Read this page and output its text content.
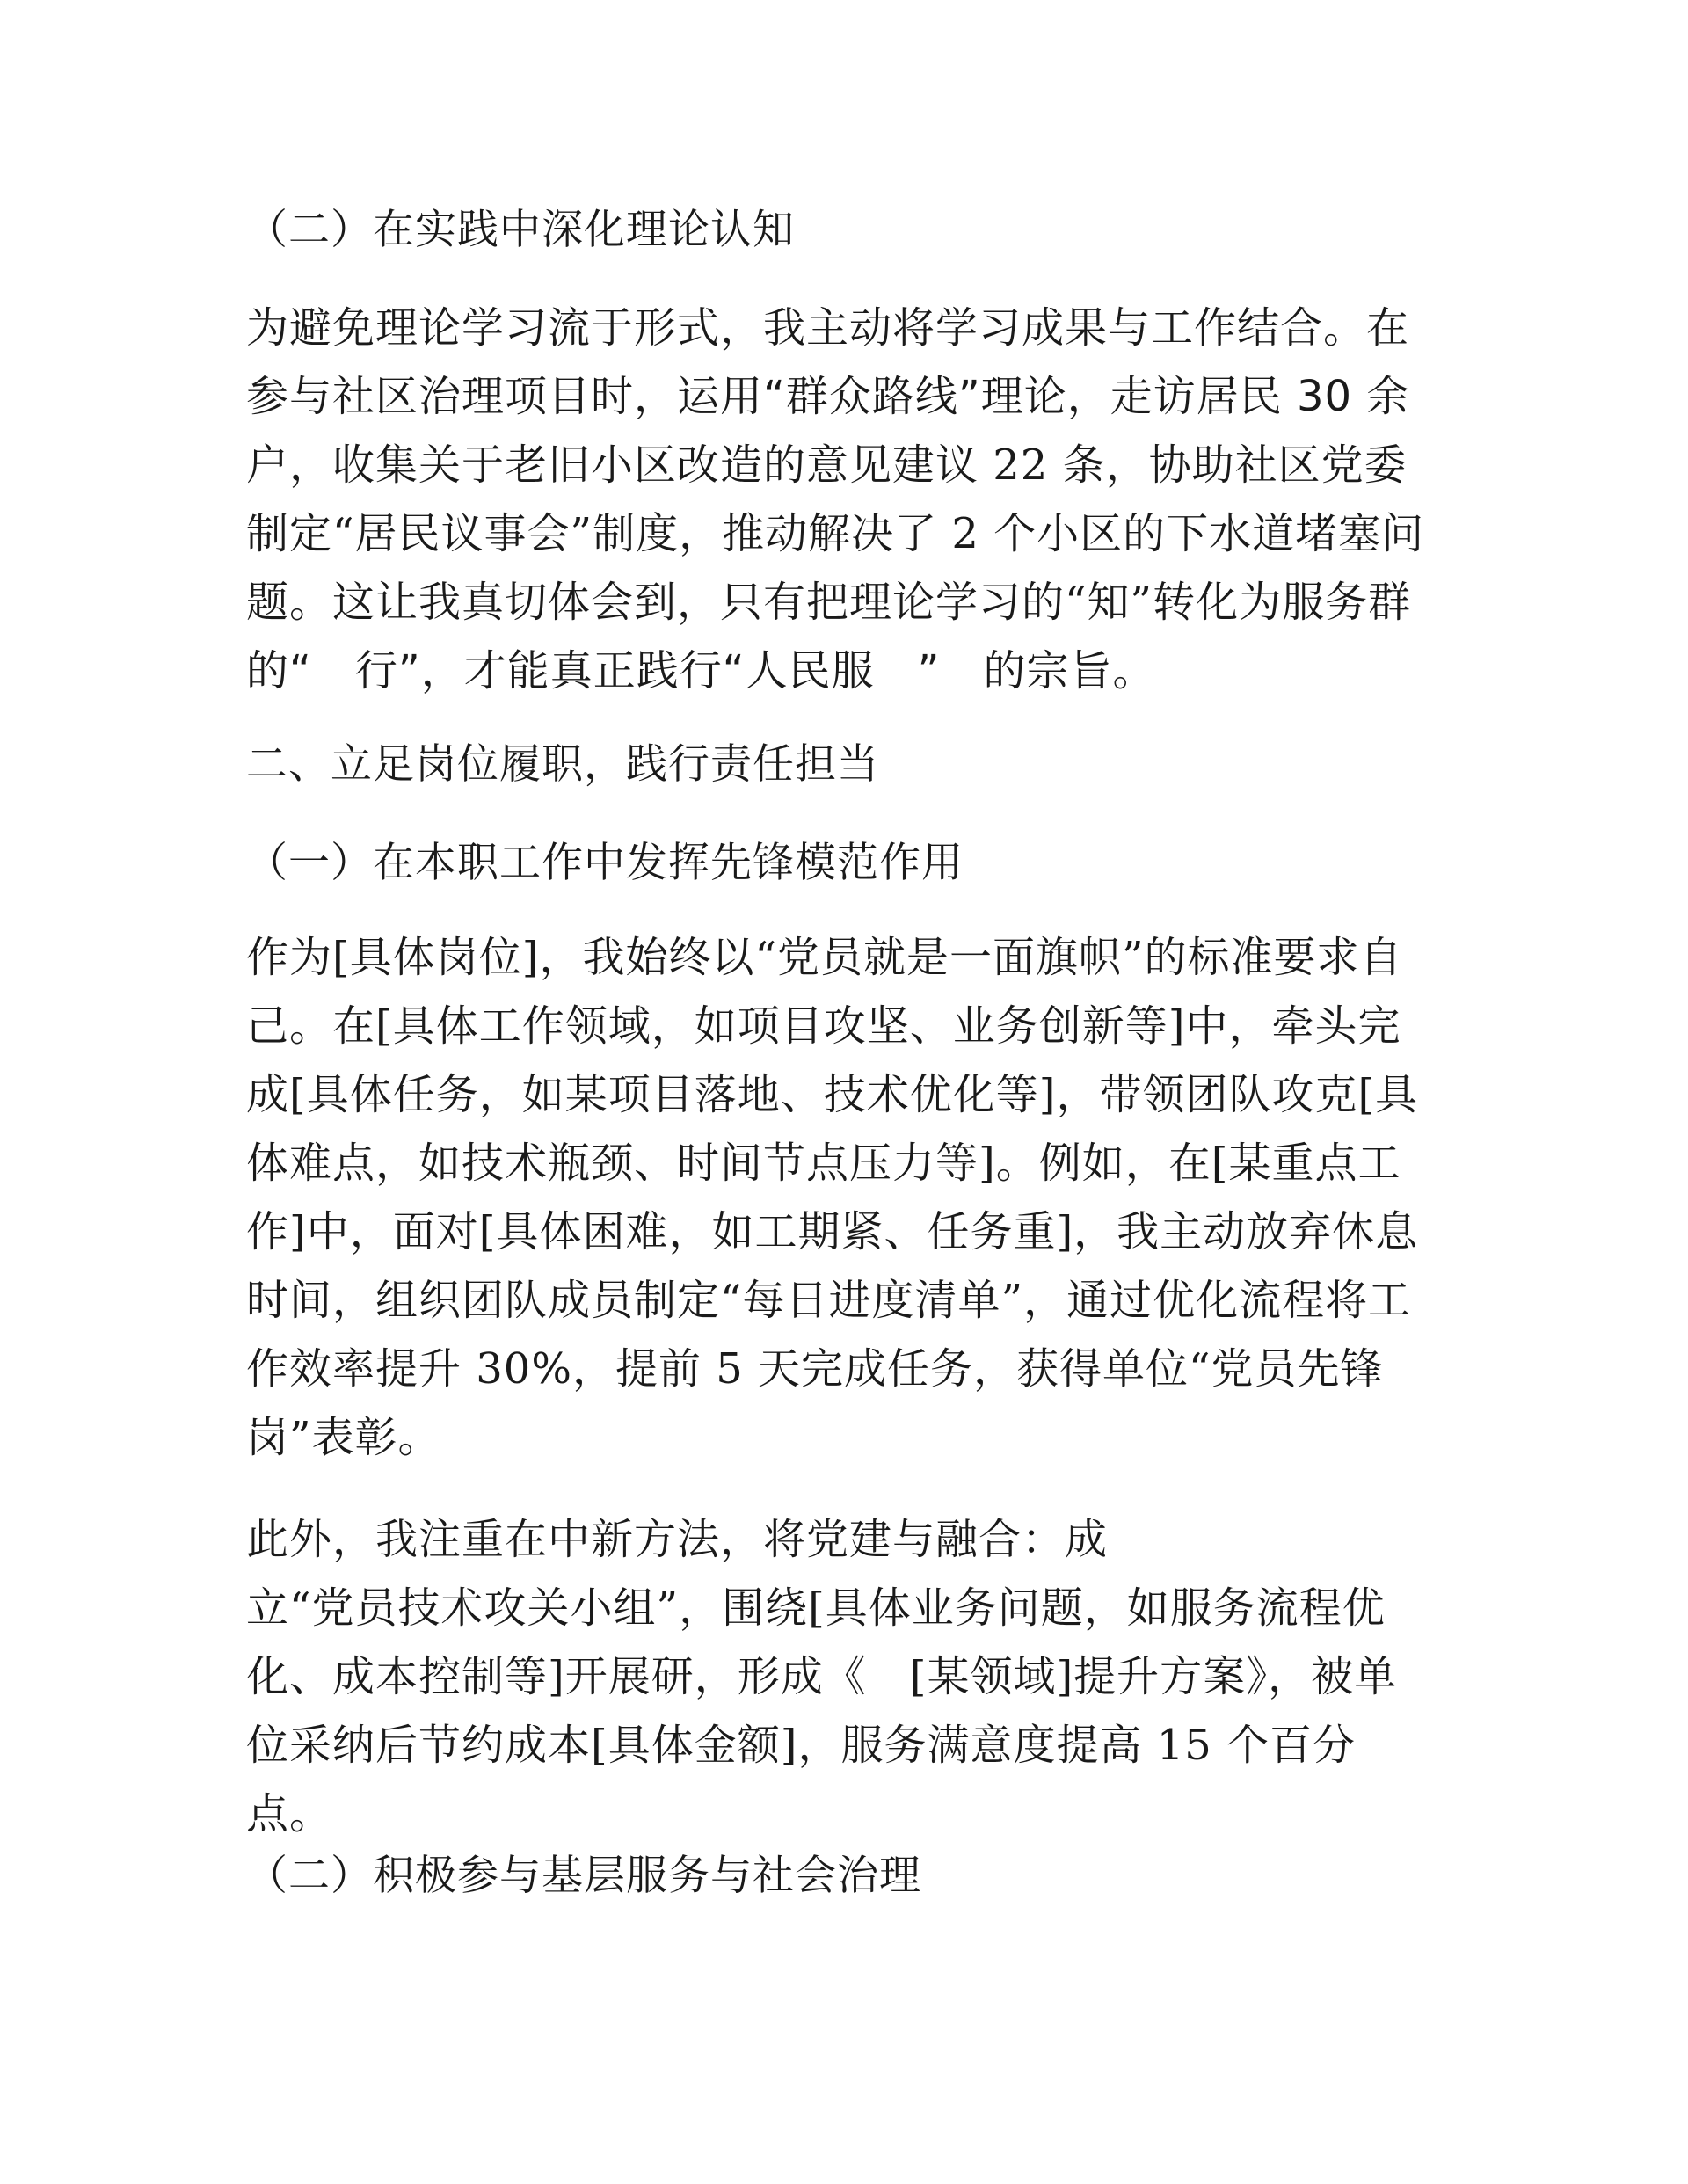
（二）在实践中深化理论认知
为避免理论学习流于形式，我主动将学习成果与工作结合。在
参与社区治理项目时，运用“群众路线”理论，走访居民 30 余
户，收集关于老旧小区改造的意见建议 22 条，协助社区党委
制定“居民议事会”制度，推动解决了 2 个小区的下水道堵塞问
题。这让我真切体会到，只有把理论学习的“知”转化为服务群
的“　行”，才能真正践行“人民服　”　的宗旨。
二、立足岗位履职，践行责任担当
（一）在本职工作中发挥先锋模范作用
作为[具体岗位]，我始终以“党员就是一面旗帜”的标准要求自
己。在[具体工作领域，如项目攻坚、业务创新等]中，牵头完
成[具体任务，如某项目落地、技术优化等]，带领团队攻克[具
体难点，如技术瓶颈、时间节点压力等]。例如，在[某重点工
作]中，面对[具体困难，如工期紧、任务重]，我主动放弃休息
时间，组织团队成员制定“每日进度清单”，通过优化流程将工
作效率提升 30%，提前 5 天完成任务，获得单位“党员先锋
岗”表彰。
此外，我注重在中新方法，将党建与融合：成
立“党员技术攻关小组”，围绕[具体业务问题，如服务流程优
化、成本控制等]开展研，形成《　[某领域]提升方案》，被单
位采纳后节约成本[具体金额]，服务满意度提高 15 个百分
点。
（二）积极参与基层服务与社会治理
